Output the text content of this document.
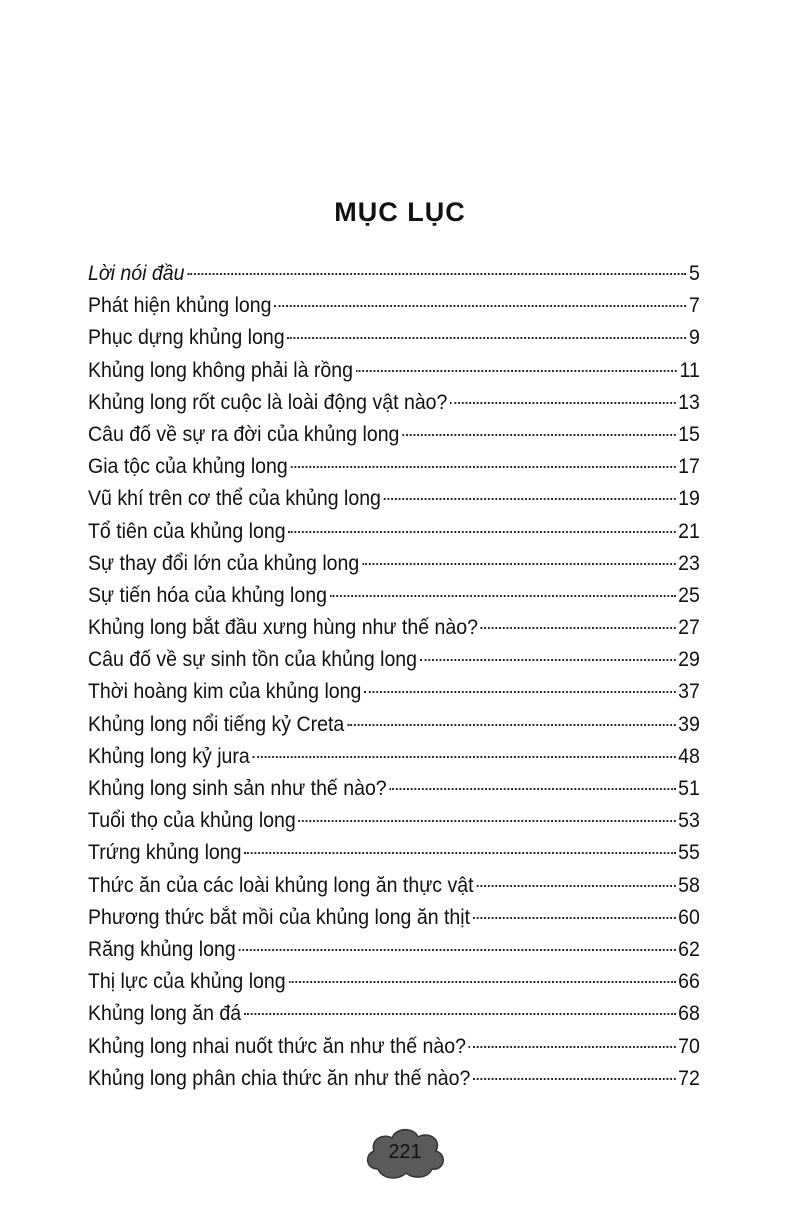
MỤC LỤC
Lời nói đầu	5
Phát hiện khủng long	7
Phục dựng khủng long	9
Khủng long không phải là rồng	11
Khủng long rốt cuộc là loài động vật nào?	13
Câu đố về sự ra đời của khủng long	15
Gia tộc của khủng long	17
Vũ khí trên cơ thể của khủng long	19
Tổ tiên của khủng long	21
Sự thay đổi lớn của khủng long	23
Sự tiến hóa của khủng long	25
Khủng long bắt đầu xưng hùng như thế nào?	27
Câu đố về sự sinh tồn của khủng long	29
Thời hoàng kim của khủng long	37
Khủng long nổi tiếng kỷ Creta	39
Khủng long kỷ jura	48
Khủng long sinh sản như thế nào?	51
Tuổi thọ của khủng long	53
Trứng khủng long	55
Thức ăn của các loài khủng long ăn thực vật	58
Phương thức bắt mồi của khủng long ăn thịt	60
Răng khủng long	62
Thị lực của khủng long	66
Khủng long ăn đá	68
Khủng long nhai nuốt thức ăn như thế nào?	70
Khủng long phân chia thức ăn như thế nào?	72
221
